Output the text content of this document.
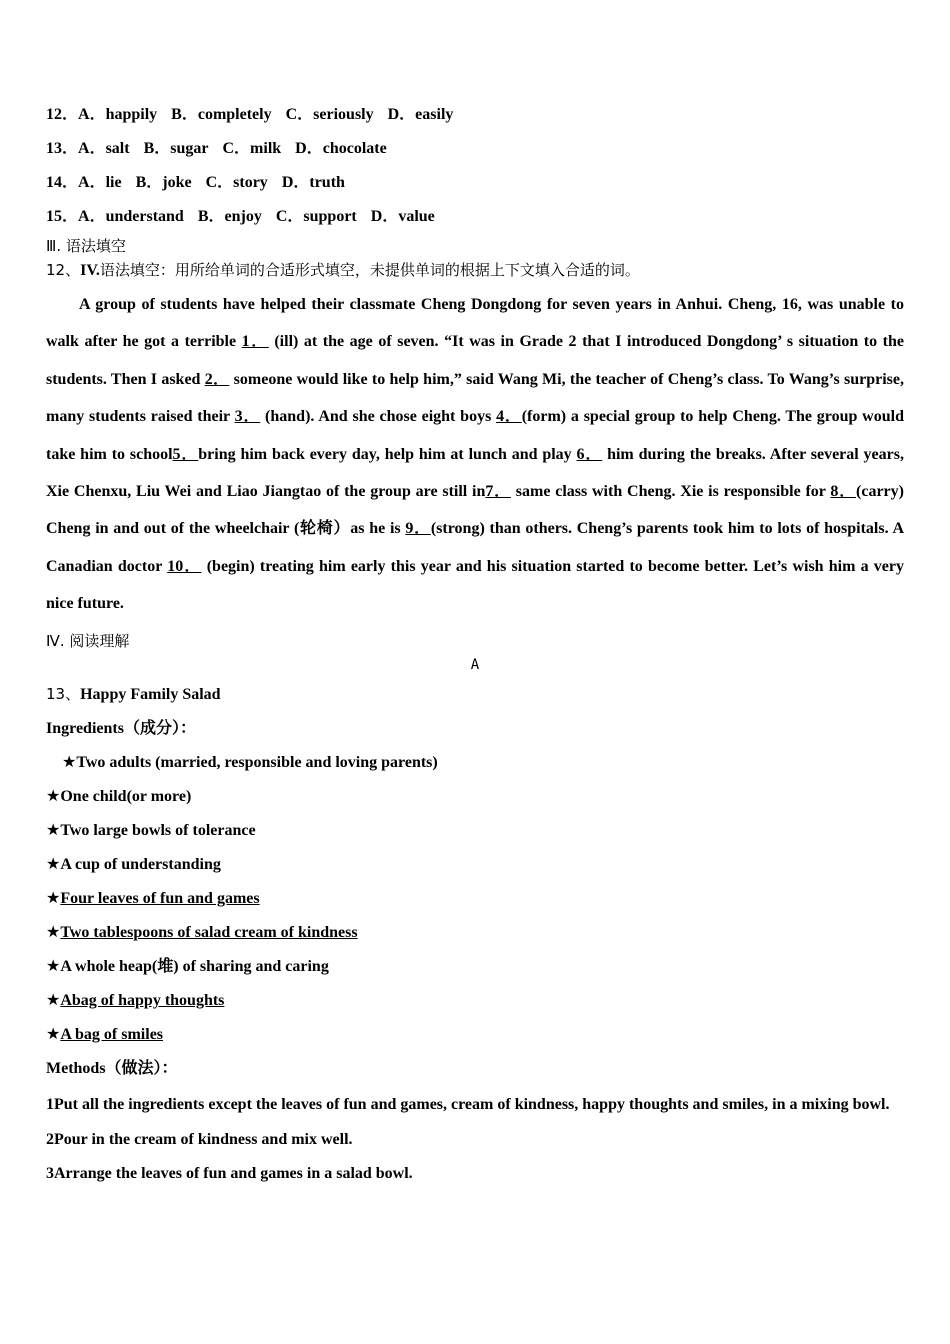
12．A．happily B．completely C．seriously D．easily
13．A．salt B．sugar C．milk D．chocolate
14．A．lie B．joke C．story D．truth
15．A．understand B．enjoy C．support D．value
Ⅲ. 语法填空
12、IV.语法填空：用所给单词的合适形式填空，未提供单词的根据上下文填入合适的词。

A group of students have helped their classmate Cheng Dongdong for seven years in Anhui. Cheng, 16, was unable to walk after he got a terrible 1． (ill) at the age of seven. “It was in Grade 2 that I introduced Dongdong’ s situation to the students. Then I asked 2． someone would like to help him,” said Wang Mi, the teacher of Cheng’s class. To Wang’s surprise, many students raised their 3． (hand). And she chose eight boys 4．(form) a special group to help Cheng. The group would take him to school5．bring him back every day, help him at lunch and play 6． him during the breaks. After several years, Xie Chenxu, Liu Wei and Liao Jiangtao of the group are still in7． same class with Cheng. Xie is responsible for 8．(carry) Cheng in and out of the wheelchair (轮椅）as he is 9．(strong) than others. Cheng’s parents took him to lots of hospitals. A Canadian doctor 10． (begin) treating him early this year and his situation started to become better. Let’s wish him a very nice future.

Ⅳ. 阅读理解
A
13、Happy Family Salad
Ingredients（成分）：
★Two adults (married, responsible and loving parents)
★One child(or more)
★Two large bowls of tolerance
★A cup of understanding
★Four leaves of fun and games
★Two tablespoons of salad cream of kindness
★A whole heap(堆) of sharing and caring
★Abag of happy thoughts
★A bag of smiles
Methods（做法）：
1Put all the ingredients except the leaves of fun and games, cream of kindness, happy thoughts and smiles, in a mixing bowl.
2Pour in the cream of kindness and mix well.
3Arrange the leaves of fun and games in a salad bowl.
